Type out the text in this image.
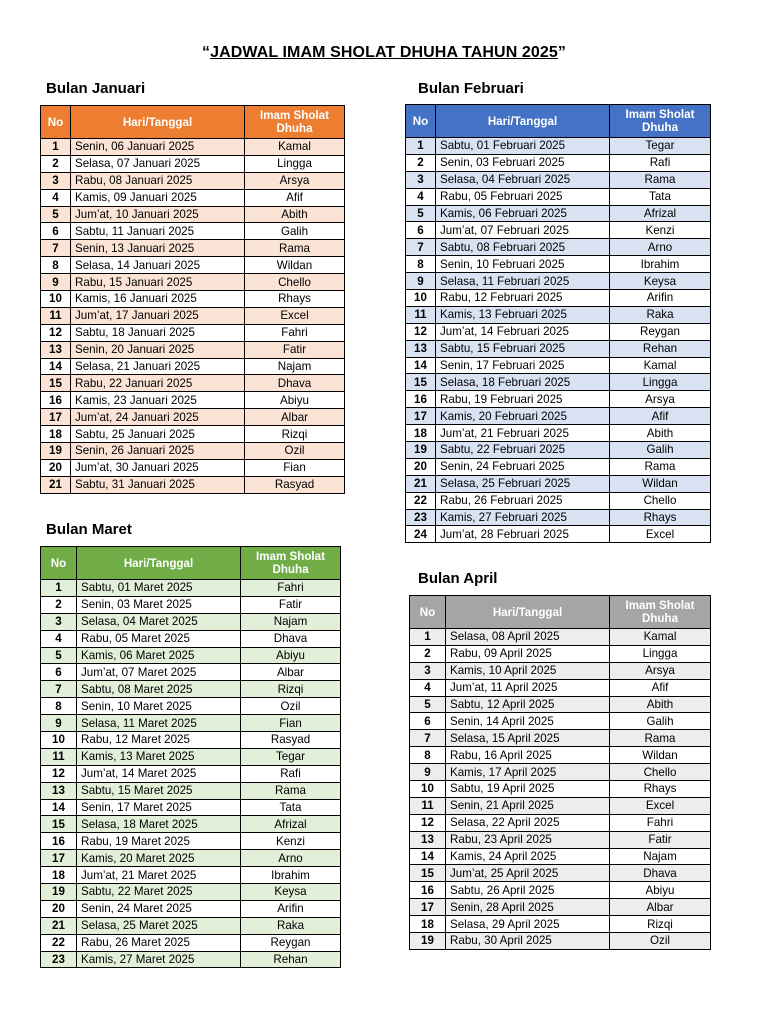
“JADWAL IMAM SHOLAT DHUHA TAHUN 2025”
Bulan Januari
No	Hari/Tanggal	Imam Sholat Dhuha
1	Senin, 06 Januari 2025	Kamal
2	Selasa, 07 Januari 2025	Lingga
3	Rabu, 08 Januari 2025	Arsya
4	Kamis, 09 Januari 2025	Afif
5	Jum’at, 10 Januari 2025	Abith
6	Sabtu, 11 Januari 2025	Galih
7	Senin, 13 Januari 2025	Rama
8	Selasa, 14 Januari 2025	Wildan
9	Rabu, 15 Januari 2025	Chello
10	Kamis, 16 Januari 2025	Rhays
11	Jum’at, 17 Januari 2025	Excel
12	Sabtu, 18 Januari 2025	Fahri
13	Senin, 20 Januari 2025	Fatir
14	Selasa, 21 Januari 2025	Najam
15	Rabu, 22 Januari 2025	Dhava
16	Kamis, 23 Januari 2025	Abiyu
17	Jum’at, 24 Januari 2025	Albar
18	Sabtu, 25 Januari 2025	Rizqi
19	Senin, 26 Januari 2025	Ozil
20	Jum’at, 30 Januari 2025	Fian
21	Sabtu, 31 Januari 2025	Rasyad
Bulan Februari
No	Hari/Tanggal	Imam Sholat Dhuha
1	Sabtu, 01 Februari 2025	Tegar
2	Senin, 03 Februari 2025	Rafi
3	Selasa, 04 Februari 2025	Rama
4	Rabu, 05 Februari 2025	Tata
5	Kamis, 06 Februari 2025	Afrizal
6	Jum’at, 07 Februari 2025	Kenzi
7	Sabtu, 08 Februari 2025	Arno
8	Senin, 10 Februari 2025	Ibrahim
9	Selasa, 11 Februari 2025	Keysa
10	Rabu, 12 Februari 2025	Arifin
11	Kamis, 13 Februari 2025	Raka
12	Jum’at, 14 Februari 2025	Reygan
13	Sabtu, 15 Februari 2025	Rehan
14	Senin, 17 Februari 2025	Kamal
15	Selasa, 18 Februari 2025	Lingga
16	Rabu, 19 Februari 2025	Arsya
17	Kamis, 20 Februari 2025	Afif
18	Jum’at, 21 Februari 2025	Abith
19	Sabtu, 22 Februari 2025	Galih
20	Senin, 24 Februari 2025	Rama
21	Selasa, 25 Februari 2025	Wildan
22	Rabu, 26 Februari 2025	Chello
23	Kamis, 27 Februari 2025	Rhays
24	Jum’at, 28 Februari 2025	Excel
Bulan Maret
No	Hari/Tanggal	Imam Sholat Dhuha
1	Sabtu, 01 Maret 2025	Fahri
2	Senin, 03 Maret 2025	Fatir
3	Selasa, 04 Maret 2025	Najam
4	Rabu, 05 Maret 2025	Dhava
5	Kamis, 06 Maret 2025	Abiyu
6	Jum’at, 07 Maret 2025	Albar
7	Sabtu, 08 Maret 2025	Rizqi
8	Senin, 10 Maret 2025	Ozil
9	Selasa, 11 Maret 2025	Fian
10	Rabu, 12 Maret 2025	Rasyad
11	Kamis, 13 Maret 2025	Tegar
12	Jum’at, 14 Maret 2025	Rafi
13	Sabtu, 15 Maret 2025	Rama
14	Senin, 17 Maret 2025	Tata
15	Selasa, 18 Maret 2025	Afrizal
16	Rabu, 19 Maret 2025	Kenzi
17	Kamis, 20 Maret 2025	Arno
18	Jum’at, 21 Maret 2025	Ibrahim
19	Sabtu, 22 Maret 2025	Keysa
20	Senin, 24 Maret 2025	Arifin
21	Selasa, 25 Maret 2025	Raka
22	Rabu, 26 Maret 2025	Reygan
23	Kamis, 27 Maret 2025	Rehan
Bulan April
No	Hari/Tanggal	Imam Sholat Dhuha
1	Selasa, 08 April 2025	Kamal
2	Rabu, 09 April 2025	Lingga
3	Kamis, 10 April 2025	Arsya
4	Jum’at, 11 April 2025	Afif
5	Sabtu, 12 April 2025	Abith
6	Senin, 14 April 2025	Galih
7	Selasa, 15 April 2025	Rama
8	Rabu, 16 April 2025	Wildan
9	Kamis, 17 April 2025	Chello
10	Sabtu, 19 April 2025	Rhays
11	Senin, 21 April 2025	Excel
12	Selasa, 22 April 2025	Fahri
13	Rabu, 23 April 2025	Fatir
14	Kamis, 24 April 2025	Najam
15	Jum’at, 25 April 2025	Dhava
16	Sabtu, 26 April 2025	Abiyu
17	Senin, 28 April 2025	Albar
18	Selasa, 29 April 2025	Rizqi
19	Rabu, 30 April 2025	Ozil
